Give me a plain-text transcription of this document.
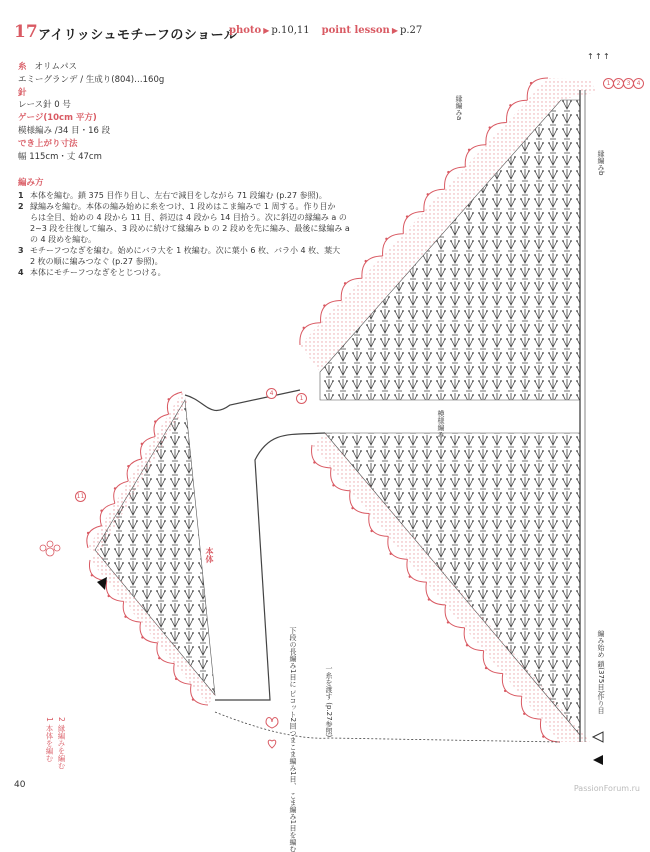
17 アイリッシュモチーフのショール
photo ▶ p.10,11 point lesson ▶ p.27
糸 オリムパス
エミーグランデ / 生成り(804)…160g
針
レース針 0 号
ゲージ(10cm 平方)
模様編み /34 目・16 段
でき上がり寸法
幅 115cm・丈 47cm
編み方
1 本体を編む。鎖 375 目作り目し、左右で減目をしながら 71 段編む (p.27 参照)。
2 縁編みを編む。本体の編み始めに糸をつけ、1 段めはこま編みで 1 周する。作り目か
らは全目、始めの 4 段から 11 目、斜辺は 4 段から 14 目拾う。次に斜辺の縁編み a の
2~3 段を往復して編み、3 段めに続けて縁編み b の 2 段めを先に編み、最後に縁編み a
の 4 段めを編む。
3 モチーフつなぎを編む。始めにバラ大を 1 枚編む。次に葉小 6 枚、バラ小 4 枚、葉大
2 枚の順に編みつなぐ (p.27 参照)。
4 本体にモチーフつなぎをとじつける。
↑ ↑ ↑
1	2	3	4
4
1
11
縁編みa
縁編みb
模様編み
編み始め 鎖(375目)作り目
下段の長編み1目に ピコット2回つまこま編み1目、 こま編み1目を編む	一糸を渡す (p.27参照)
本体
1 本体を編む 2 縁編みを編む
40	PassionForum.ru
